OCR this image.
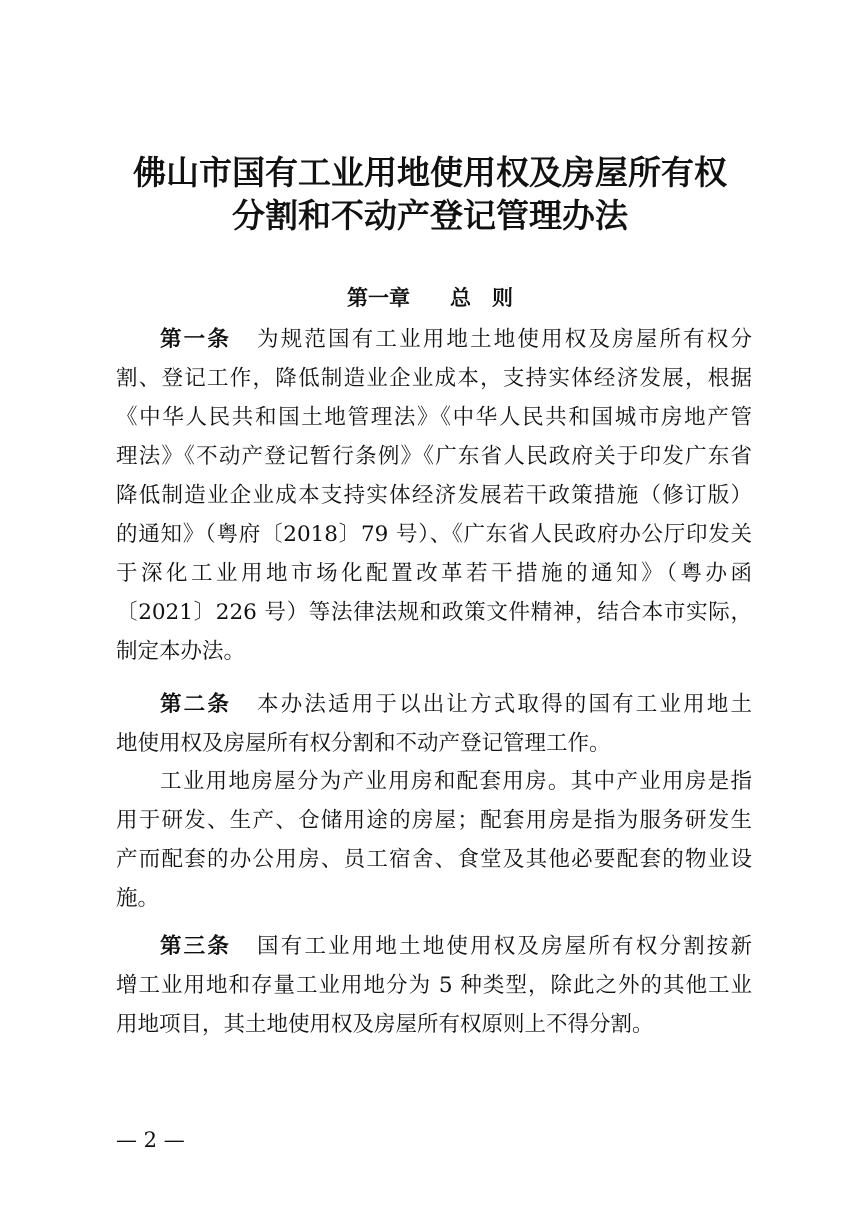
佛山市国有工业用地使用权及房屋所有权
分割和不动产登记管理办法
第一章 总　则
第一条 为规范国有工业用地土地使用权及房屋所有权分
割、登记工作，降低制造业企业成本，支持实体经济发展，根据
《中华人民共和国土地管理法》《中华人民共和国城市房地产管
理法》《不动产登记暂行条例》《广东省人民政府关于印发广东省
降低制造业企业成本支持实体经济发展若干政策措施（修订版）
的通知》（粤府〔2018〕79 号）、《广东省人民政府办公厅印发关
于深化工业用地市场化配置改革若干措施的通知》（粤办函
〔2021〕226 号）等法律法规和政策文件精神，结合本市实际，
制定本办法。
第二条 本办法适用于以出让方式取得的国有工业用地土
地使用权及房屋所有权分割和不动产登记管理工作。
工业用地房屋分为产业用房和配套用房。其中产业用房是指
用于研发、生产、仓储用途的房屋；配套用房是指为服务研发生
产而配套的办公用房、员工宿舍、食堂及其他必要配套的物业设
施。
第三条 国有工业用地土地使用权及房屋所有权分割按新
增工业用地和存量工业用地分为 5 种类型，除此之外的其他工业
用地项目，其土地使用权及房屋所有权原则上不得分割。
— 2 —
